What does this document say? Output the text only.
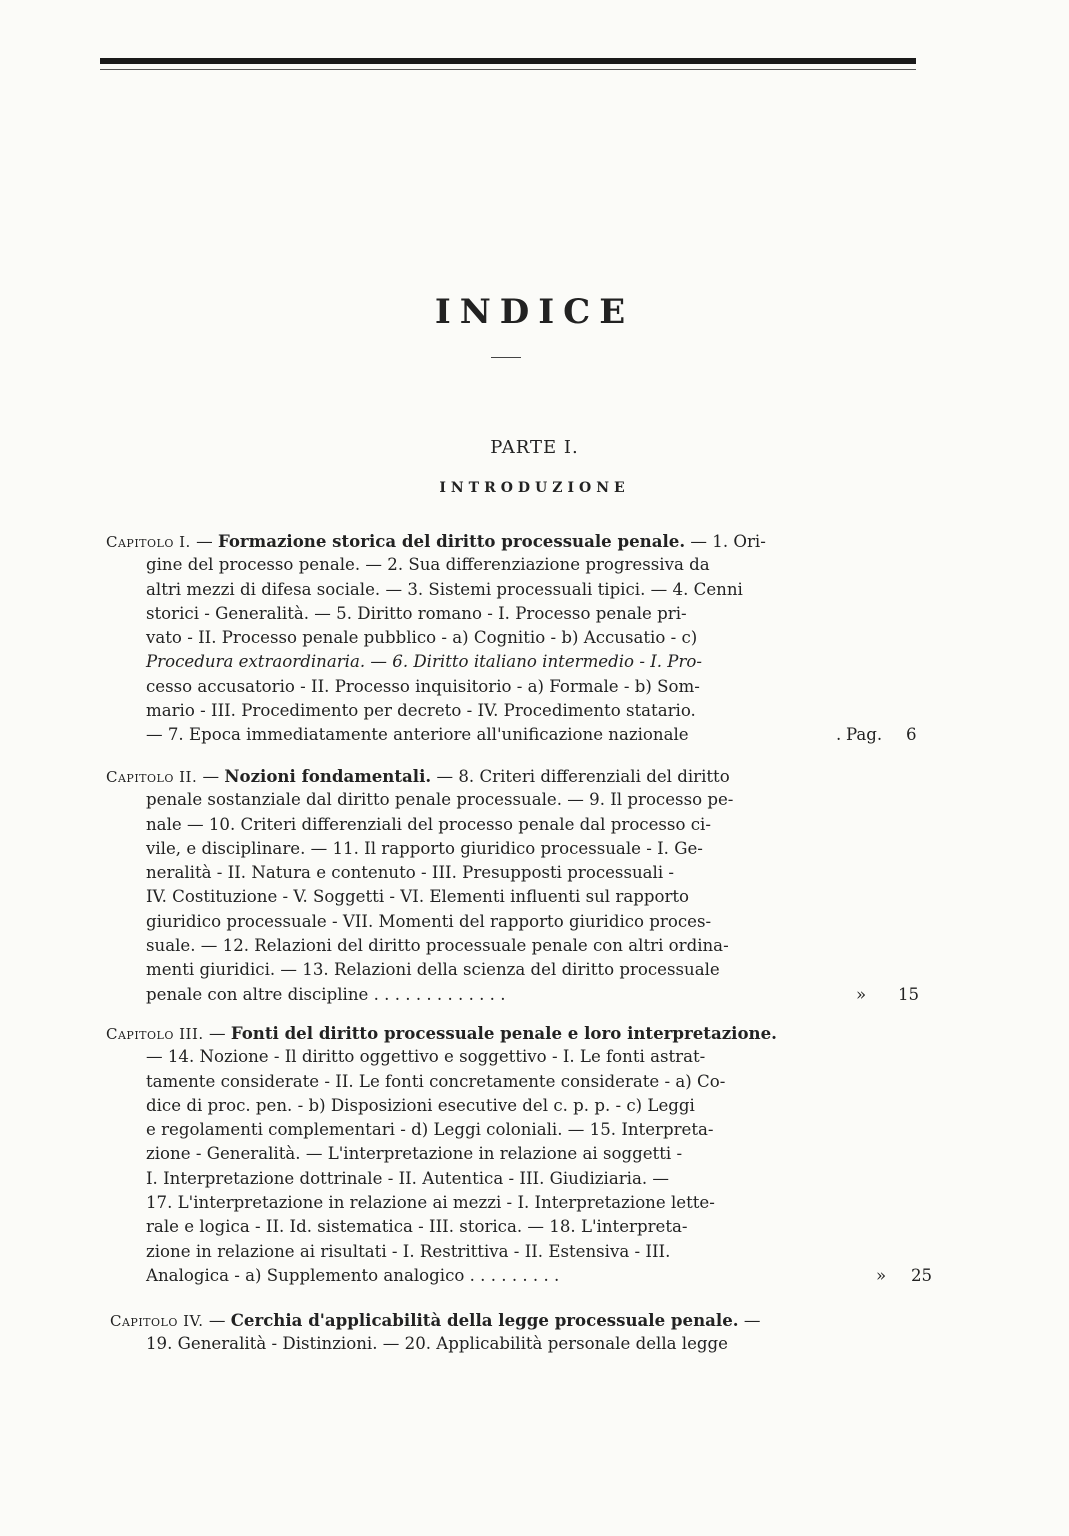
INDICE
PARTE I.
INTRODUZIONE
Capitolo I. — Formazione storica del diritto processuale penale. — 1. Ori-
gine del processo penale. — 2. Sua differenziazione progressiva da
altri mezzi di difesa sociale. — 3. Sistemi processuali tipici. — 4. Cenni
storici - Generalità. — 5. Diritto romano - I. Processo penale pri-
vato - II. Processo penale pubblico - a) Cognitio - b) Accusatio - c)
Procedura extraordinaria. — 6. Diritto italiano intermedio - I. Pro-
cesso accusatorio - II. Processo inquisitorio - a) Formale - b) Som-
mario - III. Procedimento per decreto - IV. Procedimento statario.
— 7. Epoca immediatamente anteriore all'unificazione nazionale	. Pag. 6
Capitolo II. — Nozioni fondamentali. — 8. Criteri differenziali del diritto
penale sostanziale dal diritto penale processuale. — 9. Il processo pe-
nale — 10. Criteri differenziali del processo penale dal processo ci-
vile, e disciplinare. — 11. Il rapporto giuridico processuale - I. Ge-
neralità - II. Natura e contenuto - III. Presupposti processuali -
IV. Costituzione - V. Soggetti - VI. Elementi influenti sul rapporto
giuridico processuale - VII. Momenti del rapporto giuridico proces-
suale. — 12. Relazioni del diritto processuale penale con altri ordina-
menti giuridici. — 13. Relazioni della scienza del diritto processuale
penale con altre discipline . . . . . . . . . . . . .	» 15
Capitolo III. — Fonti del diritto processuale penale e loro interpretazione.
— 14. Nozione - Il diritto oggettivo e soggettivo - I. Le fonti astrat-
tamente considerate - II. Le fonti concretamente considerate - a) Co-
dice di proc. pen. - b) Disposizioni esecutive del c. p. p. - c) Leggi
e regolamenti complementari - d) Leggi coloniali. — 15. Interpreta-
zione - Generalità. — L'interpretazione in relazione ai soggetti -
I. Interpretazione dottrinale - II. Autentica - III. Giudiziaria. —
17. L'interpretazione in relazione ai mezzi - I. Interpretazione lette-
rale e logica - II. Id. sistematica - III. storica. — 18. L'interpreta-
zione in relazione ai risultati - I. Restrittiva - II. Estensiva - III.
Analogica - a) Supplemento analogico . . . . . . . . .	» 25
Capitolo IV. — Cerchia d'applicabilità della legge processuale penale. —
19. Generalità - Distinzioni. — 20. Applicabilità personale della legge
